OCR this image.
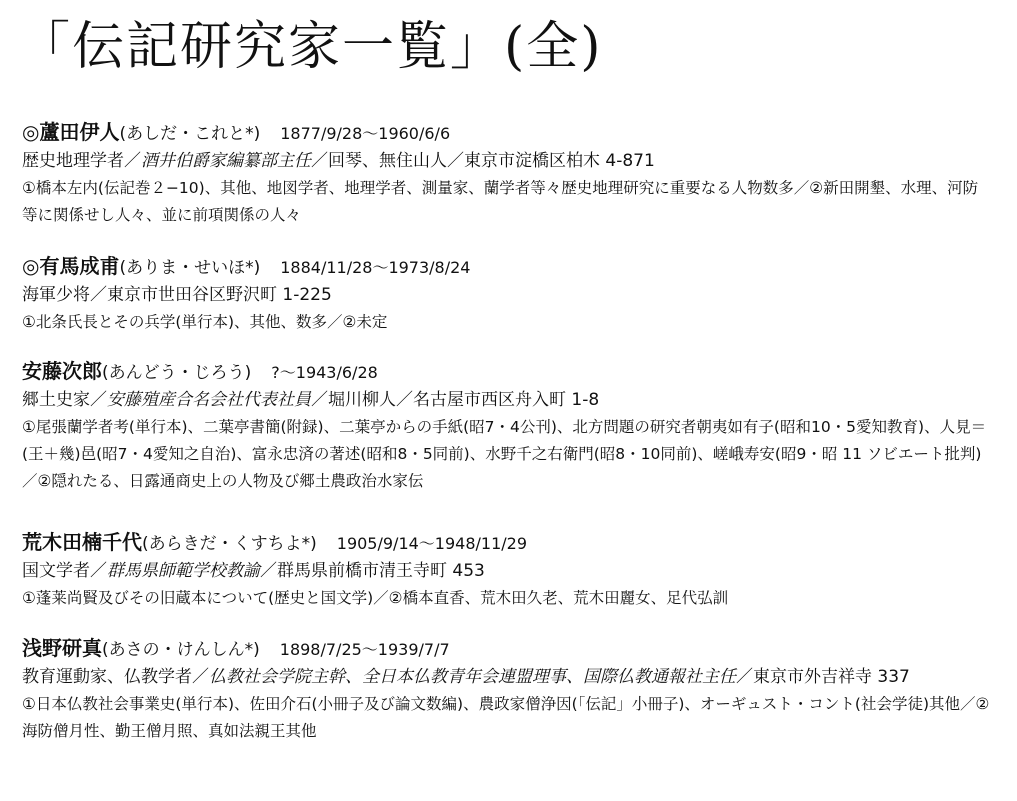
「伝記研究家一覧」(全)
◎蘆田伊人(あしだ・これと*) 1877/9/28〜1960/6/6
歴史地理学者／酒井伯爵家編纂部主任／回琴、無住山人／東京市淀橋区柏木 4-871
①橋本左内(伝記巻２−10)、其他、地図学者、地理学者、測量家、蘭学者等々歴史地理研究に重要なる人物数多／②新田開墾、水理、河防等に関係せし人々、並に前項関係の人々
◎有馬成甫(ありま・せいほ*) 1884/11/28〜1973/8/24
海軍少将／東京市世田谷区野沢町 1-225
①北条氏長とその兵学(単行本)、其他、数多／②未定
安藤次郎(あんどう・じろう) ?〜1943/6/28
郷土史家／安藤殖産合名会社代表社員／堀川柳人／名古屋市西区舟入町 1-8
①尾張蘭学者考(単行本)、二葉亭書簡(附録)、二葉亭からの手紙(昭7・4公刊)、北方問題の研究者朝夷如有子(昭和10・5愛知教育)、人見＝(王＋幾)邑(昭7・4愛知之自治)、富永忠済の著述(昭和8・5同前)、水野千之右衛門(昭8・10同前)、嵯峨寿安(昭9・昭 11 ソビエート批判)／②隠れたる、日露通商史上の人物及び郷土農政治水家伝
荒木田楠千代(あらきだ・くすちよ*) 1905/9/14〜1948/11/29
国文学者／群馬県師範学校教諭／群馬県前橋市清王寺町 453
①蓬莱尚賢及びその旧蔵本について(歴史と国文学)／②橋本直香、荒木田久老、荒木田麗女、足代弘訓
浅野研真(あさの・けんしん*) 1898/7/25〜1939/7/7
教育運動家、仏教学者／仏教社会学院主幹、全日本仏教青年会連盟理事、国際仏教通報社主任／東京市外吉祥寺 337
①日本仏教社会事業史(単行本)、佐田介石(小冊子及び論文数編)、農政家僧浄因(「伝記」小冊子)、オーギュスト・コント(社会学徒)其他／②海防僧月性、勤王僧月照、真如法親王其他
